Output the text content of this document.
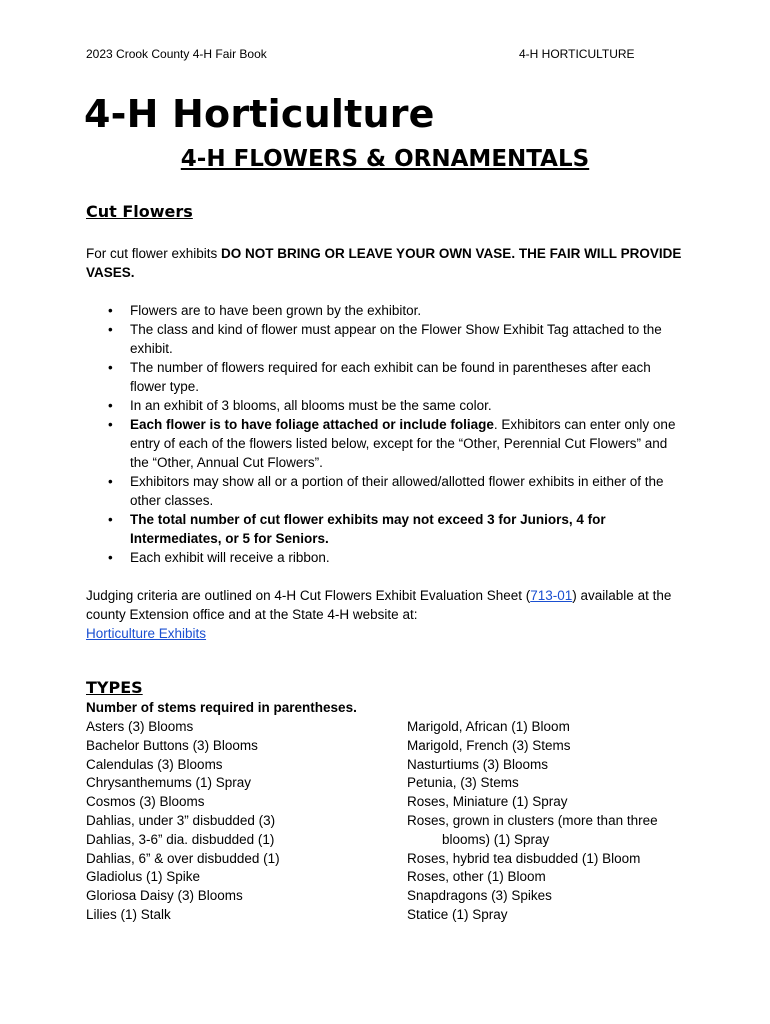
2023 Crook County 4-H Fair Book	4-H HORTICULTURE
4-H Horticulture
4-H FLOWERS & ORNAMENTALS
Cut Flowers

For cut flower exhibits DO NOT BRING OR LEAVE YOUR OWN VASE. THE FAIR WILL PROVIDE VASES.

• Flowers are to have been grown by the exhibitor.
• The class and kind of flower must appear on the Flower Show Exhibit Tag attached to the exhibit.
• The number of flowers required for each exhibit can be found in parentheses after each flower type.
• In an exhibit of 3 blooms, all blooms must be the same color.
• Each flower is to have foliage attached or include foliage. Exhibitors can enter only one entry of each of the flowers listed below, except for the “Other, Perennial Cut Flowers” and the “Other, Annual Cut Flowers”.
• Exhibitors may show all or a portion of their allowed/allotted flower exhibits in either of the other classes.
• The total number of cut flower exhibits may not exceed 3 for Juniors, 4 for Intermediates, or 5 for Seniors.
• Each exhibit will receive a ribbon.

Judging criteria are outlined on 4-H Cut Flowers Exhibit Evaluation Sheet (713-01) available at the county Extension office and at the State 4-H website at:
Horticulture Exhibits

TYPES

Number of stems required in parentheses.

Asters (3) Blooms
Bachelor Buttons (3) Blooms
Calendulas (3) Blooms
Chrysanthemums (1) Spray
Cosmos (3) Blooms
Dahlias, under 3” disbudded (3)
Dahlias, 3-6” dia. disbudded (1)
Dahlias, 6” & over disbudded (1)
Gladiolus (1) Spike
Gloriosa Daisy (3) Blooms
Lilies (1) Stalk
Marigold, African (1) Bloom
Marigold, French (3) Stems
Nasturtiums (3) Blooms
Petunia, (3) Stems
Roses, Miniature (1) Spray
Roses, grown in clusters (more than three
blooms) (1) Spray
Roses, hybrid tea disbudded (1) Bloom
Roses, other (1) Bloom
Snapdragons (3) Spikes
Statice (1) Spray
